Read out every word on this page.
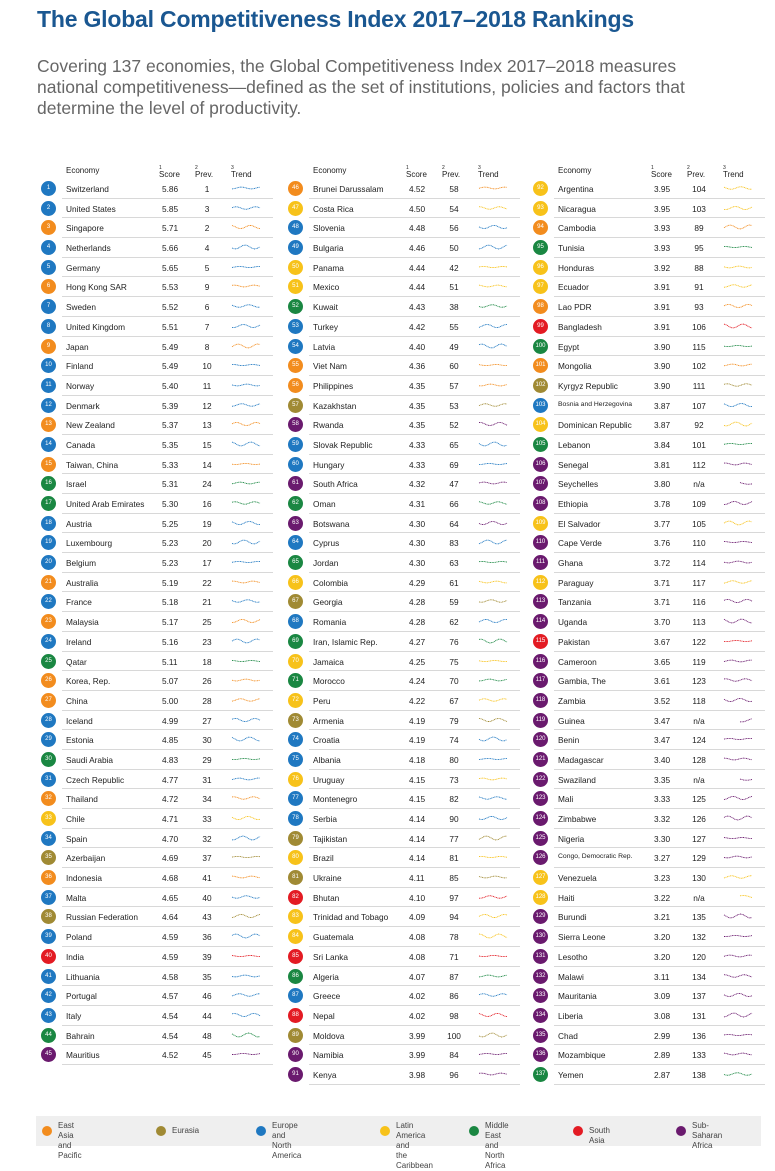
The Global Competitiveness Index 2017–2018 Rankings
Covering 137 economies, the Global Competitiveness Index 2017–2018 measures national competitiveness—defined as the set of institutions, policies and factors that determine the level of productivity.
Economy	Score
$^1$
Prev.
$^2$
Trend
$^3$
1	Switzerland	5.86	1
2	United States	5.85	3
3	Singapore	5.71	2
4	Netherlands	5.66	4
5	Germany	5.65	5
6	Hong Kong SAR	5.53	9
7	Sweden	5.52	6
8	United Kingdom	5.51	7
9	Japan	5.49	8
10	Finland	5.49	10
11	Norway	5.40	11
12	Denmark	5.39	12
13	New Zealand	5.37	13
14	Canada	5.35	15
15	Taiwan, China	5.33	14
16	Israel	5.31	24
17	United Arab Emirates	5.30	16
18	Austria	5.25	19
19	Luxembourg	5.23	20
20	Belgium	5.23	17
21	Australia	5.19	22
22	France	5.18	21
23	Malaysia	5.17	25
24	Ireland	5.16	23
25	Qatar	5.11	18
26	Korea, Rep.	5.07	26
27	China	5.00	28
28	Iceland	4.99	27
29	Estonia	4.85	30
30	Saudi Arabia	4.83	29
31	Czech Republic	4.77	31
32	Thailand	4.72	34
33	Chile	4.71	33
34	Spain	4.70	32
35	Azerbaijan	4.69	37
36	Indonesia	4.68	41
37	Malta	4.65	40
38	Russian Federation	4.64	43
39	Poland	4.59	36
40	India	4.59	39
41	Lithuania	4.58	35
42	Portugal	4.57	46
43	Italy	4.54	44
44	Bahrain	4.54	48
45	Mauritius	4.52	45
Economy	Score
$^1$
Prev.
$^2$
Trend
$^3$
46	Brunei Darussalam	4.52	58
47	Costa Rica	4.50	54
48	Slovenia	4.48	56
49	Bulgaria	4.46	50
50	Panama	4.44	42
51	Mexico	4.44	51
52	Kuwait	4.43	38
53	Turkey	4.42	55
54	Latvia	4.40	49
55	Viet Nam	4.36	60
56	Philippines	4.35	57
57	Kazakhstan	4.35	53
58	Rwanda	4.35	52
59	Slovak Republic	4.33	65
60	Hungary	4.33	69
61	South Africa	4.32	47
62	Oman	4.31	66
63	Botswana	4.30	64
64	Cyprus	4.30	83
65	Jordan	4.30	63
66	Colombia	4.29	61
67	Georgia	4.28	59
68	Romania	4.28	62
69	Iran, Islamic Rep.	4.27	76
70	Jamaica	4.25	75
71	Morocco	4.24	70
72	Peru	4.22	67
73	Armenia	4.19	79
74	Croatia	4.19	74
75	Albania	4.18	80
76	Uruguay	4.15	73
77	Montenegro	4.15	82
78	Serbia	4.14	90
79	Tajikistan	4.14	77
80	Brazil	4.14	81
81	Ukraine	4.11	85
82	Bhutan	4.10	97
83	Trinidad and Tobago	4.09	94
84	Guatemala	4.08	78
85	Sri Lanka	4.08	71
86	Algeria	4.07	87
87	Greece	4.02	86
88	Nepal	4.02	98
89	Moldova	3.99	100
90	Namibia	3.99	84
91	Kenya	3.98	96
Economy	Score
$^1$
Prev.
$^2$
Trend
$^3$
92	Argentina	3.95	104
93	Nicaragua	3.95	103
94	Cambodia	3.93	89
95	Tunisia	3.93	95
96	Honduras	3.92	88
97	Ecuador	3.91	91
98	Lao PDR	3.91	93
99	Bangladesh	3.91	106
100	Egypt	3.90	115
101	Mongolia	3.90	102
102	Kyrgyz Republic	3.90	111
103	Bosnia and Herzegovina	3.87	107
104	Dominican Republic	3.87	92
105	Lebanon	3.84	101
106	Senegal	3.81	112
107	Seychelles	3.80	n/a
108	Ethiopia	3.78	109
109	El Salvador	3.77	105
110	Cape Verde	3.76	110
111	Ghana	3.72	114
112	Paraguay	3.71	117
113	Tanzania	3.71	116
114	Uganda	3.70	113
115	Pakistan	3.67	122
116	Cameroon	3.65	119
117	Gambia, The	3.61	123
118	Zambia	3.52	118
119	Guinea	3.47	n/a
120	Benin	3.47	124
121	Madagascar	3.40	128
122	Swaziland	3.35	n/a
123	Mali	3.33	125
124	Zimbabwe	3.32	126
125	Nigeria	3.30	127
126	Congo, Democratic Rep.	3.27	129
127	Venezuela	3.23	130
128	Haiti	3.22	n/a
129	Burundi	3.21	135
130	Sierra Leone	3.20	132
131	Lesotho	3.20	120
132	Malawi	3.11	134
133	Mauritania	3.09	137
134	Liberia	3.08	131
135	Chad	2.99	136
136	Mozambique	2.89	133
137	Yemen	2.87	138
East Asia and
Pacific
Eurasia
Europe and
North America
Latin America and
the Caribbean
Middle East and
North Africa
South Asia
Sub-Saharan
Africa
